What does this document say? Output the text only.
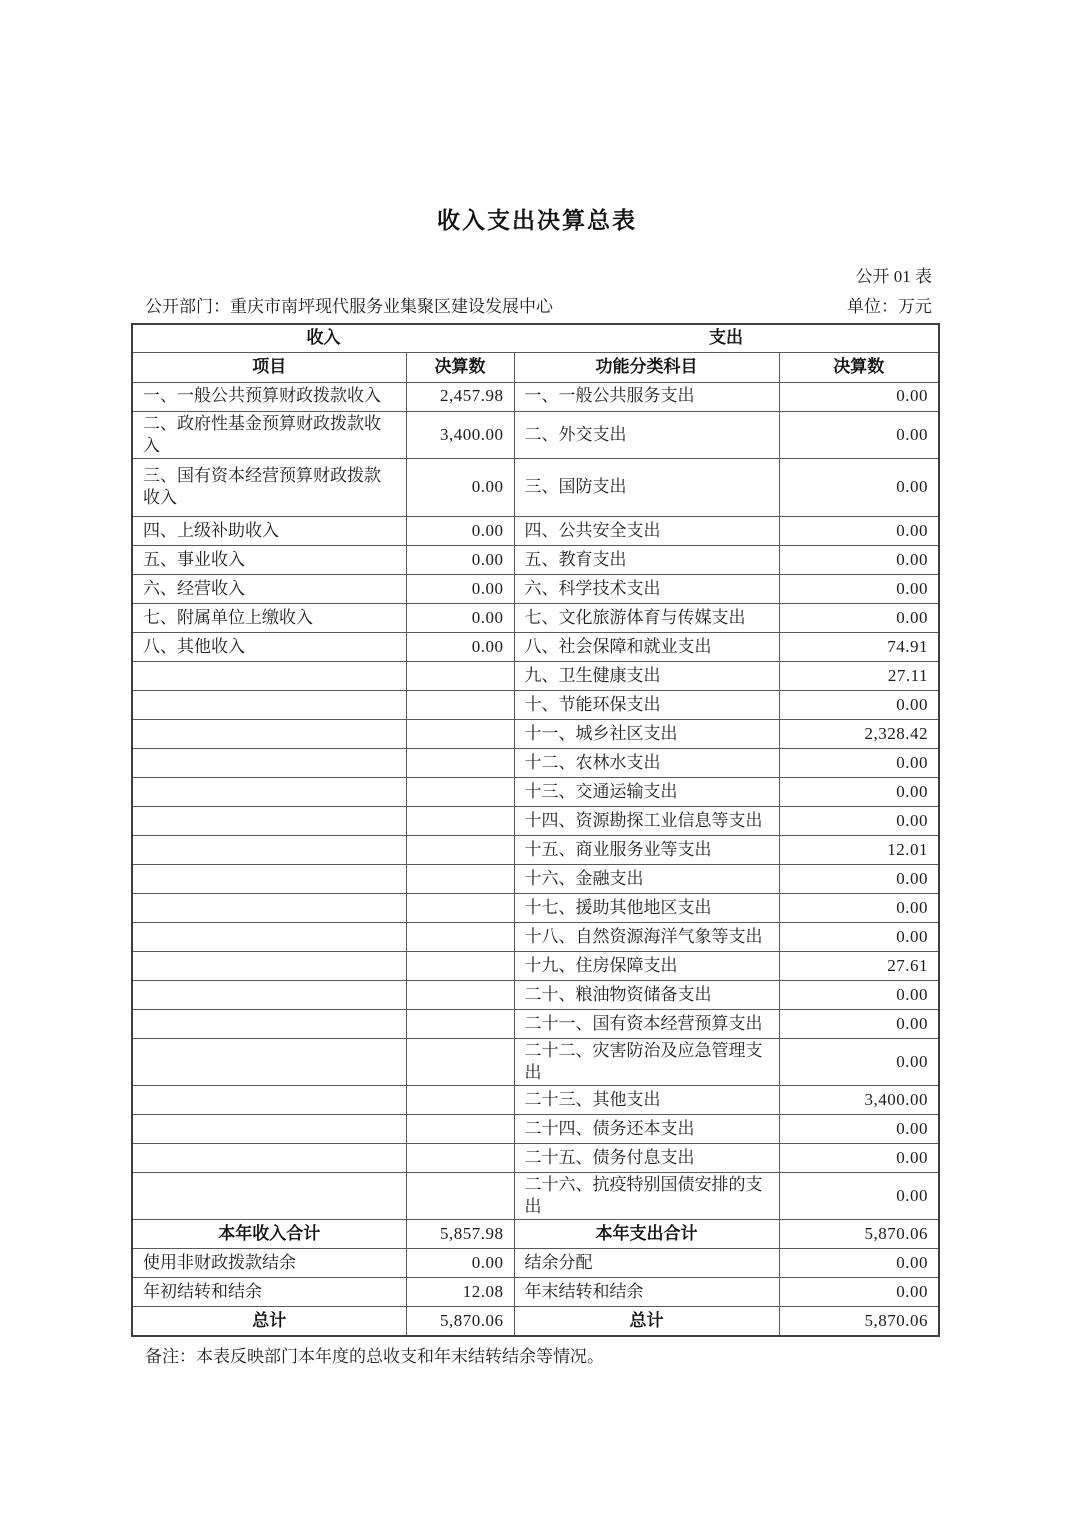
收入支出决算总表
公开 01 表
公开部门：重庆市南坪现代服务业集聚区建设发展中心	单位：万元
收入		支出	
项目	决算数	功能分类科目	决算数
一、一般公共预算财政拨款收入	2,457.98	一、一般公共服务支出	0.00
二、政府性基金预算财政拨款收入	3,400.00	二、外交支出	0.00
三、国有资本经营预算财政拨款收入	0.00	三、国防支出	0.00
四、上级补助收入	0.00	四、公共安全支出	0.00
五、事业收入	0.00	五、教育支出	0.00
六、经营收入	0.00	六、科学技术支出	0.00
七、附属单位上缴收入	0.00	七、文化旅游体育与传媒支出	0.00
八、其他收入	0.00	八、社会保障和就业支出	74.91
		九、卫生健康支出	27.11
		十、节能环保支出	0.00
		十一、城乡社区支出	2,328.42
		十二、农林水支出	0.00
		十三、交通运输支出	0.00
		十四、资源勘探工业信息等支出	0.00
		十五、商业服务业等支出	12.01
		十六、金融支出	0.00
		十七、援助其他地区支出	0.00
		十八、自然资源海洋气象等支出	0.00
		十九、住房保障支出	27.61
		二十、粮油物资储备支出	0.00
		二十一、国有资本经营预算支出	0.00
		二十二、灾害防治及应急管理支出	0.00
		二十三、其他支出	3,400.00
		二十四、债务还本支出	0.00
		二十五、债务付息支出	0.00
		二十六、抗疫特别国债安排的支出	0.00
本年收入合计	5,857.98	本年支出合计	5,870.06
使用非财政拨款结余	0.00	结余分配	0.00
年初结转和结余	12.08	年末结转和结余	0.00
总计	5,870.06	总计	5,870.06
备注：本表反映部门本年度的总收支和年末结转结余等情况。
